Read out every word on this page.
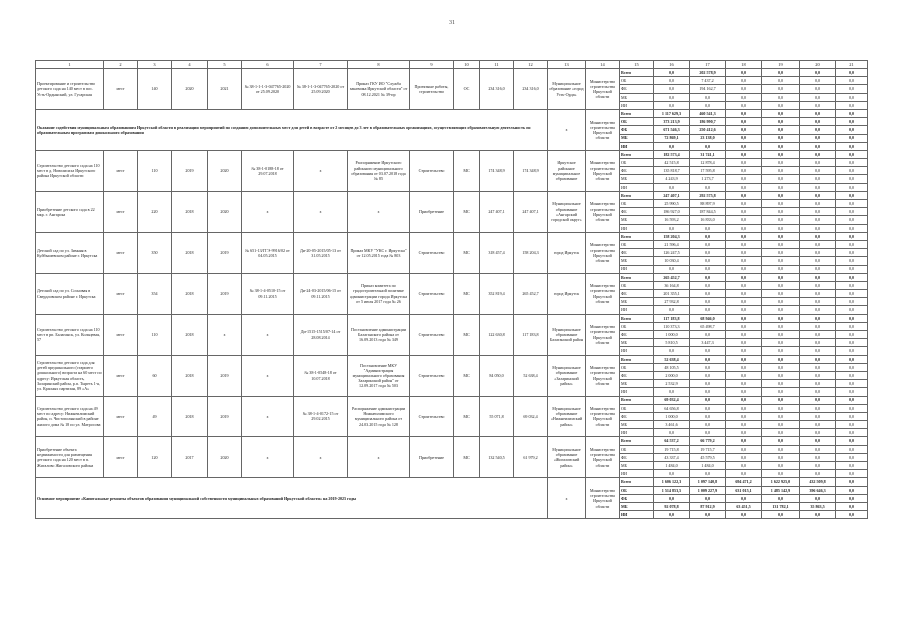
31
1	2	3	4	5	6	7	8	9	10	11	12	13	14	15	16	17	18	19	20	21
Проектирование и строительство детского сада на 140 мест в пос. Усть-Ордынский, ул. Гусарская	мест	140	2020	2021	№ 38-1-1-1-3-047765-2020 от 25.09.2020	№ 38-1-1-3-047765-2020 от 25.09.2020	Приказ ГКУ ИО "Служба заказчика Иркутской области" от 08.12.2021 № 39-пр	Проектные работы, строительство	ОС	234 316,0	234 316,0	Муниципальное образование «город Усть-Орда»	Министерство строительства Иркутской области	Всего	0,0	202 578,9	0,0	0,0	0,0	0,0
														ОБ	0,0	7 437,2	0,0	0,0	0,0	0,0
														ФБ	0,0	194 162,7	0,0	0,0	0,0	0,0
														МБ	0,0	0,0	0,0	0,0	0,0	0,0
														ИИ	0,0	0,0	0,0	0,0	0,0	0,0
Оказание содействия муниципальным образованиям Иркутской области в реализации мероприятий по созданию дополнительных мест для детей в возрасте от 2 месяцев до 3 лет в образовательных организациях, осуществляющих образовательную деятельность по образовательным программам дошкольного образования												х	Министерство строительства Иркутской области	Всего	1 117 629,3	460 541,3	0,0	0,0	0,0	0,0
														ОБ	373 213,9	186 990,7	0,0	0,0	0,0	0,0
														ФБ	671 546,3	250 412,6	0,0	0,0	0,0	0,0
														МБ	72 869,1	23 138,0	0,0	0,0	0,0	0,0
														ИИ	0,0	0,0	0,0	0,0	0,0	0,0
Строительство детского сада на 110 мест в д. Новолисиха Иркутского района Иркутской области	мест	110	2019	2020	№ 38-1-0188-18 от 29.07.2018	х	Распоряжение Иркутского районного муниципального образования от 03.07.2018 года № 85	Строительство	МС	174 348,9	174 348,9	Иркутское районное муниципальное образование	Министерство строительства Иркутской области	Всего	182 573,4	31 741,1	0,0	0,0	0,0	0,0
														ОБ	42 515,8	12 878,4	0,0	0,0	0,0	0,0
														ФБ	135 818,7	17 595,8	0,0	0,0	0,0	0,0
														МБ	4 243,9	1 273,7	0,0	0,0	0,0	0,0
														ИИ	0,0	0,0	0,0	0,0	0,0	0,0
Приобретение детского сада в 22 мкр. г. Ангарска	мест	220	2018	2020	х	х	х	Приобретение	МС	247 407,1	247 407,1	Муниципальное образование «Ангарский городской округ»	Министерство строительства Иркутской области	Всего	247 407,1	292 575,8	0,0	0,0	0,0	0,0
														ОБ	25 990,5	88 897,9	0,0	0,0	0,0	0,0
														ФБ	186 927,0	187 844,5	0,0	0,0	0,0	0,0
														МБ	16 593,2	16 833,0	0,0	0,0	0,0	0,0
														ИИ	0,0	0,0	0,0	0,0	0,0	0,0
Детский сад по ул. Зимняя в Куйбышевском районе г. Иркутска	мест	350	2018	2019	№ 651-13/ГГЭ-9916/02 от 04.05.2015	Ди-20-05-2015/05-13 от 31.05.2015	Приказ МКУ "УКС г. Иркутска" от 12.05.2015 года № 803	Строительство	МС	318 457,4	158 204,3	город Иркутск	Министерство строительства Иркутской области	Всего	158 204,3	0,0	0,0	0,0	0,0	0,0
														ОБ	21 596,4	0,0	0,0	0,0	0,0	0,0
														ФБ	126 247,5	0,0	0,0	0,0	0,0	0,0
														МБ	10 030,4	0,0	0,0	0,0	0,0	0,0
														ИИ	0,0	0,0	0,0	0,0	0,0	0,0
Детский сад по ул. Сосновая в Свердловском районе г. Иркутска	мест	354	2018	2019	№ 38-1-4-0510-15 от 09.11.2015	Ди-24-03-2015/06-15 от 09.11.2015	Приказ комитета по градостроительной политике администрации города Иркутска от 5 июля 2017 года № 26	Строительство	МС	352 819,4	265 452,7	город Иркутск	Министерство строительства Иркутской области	Всего	265 452,7	0,0	0,0	0,0	0,0	0,0
														ОБ	36 164,8	0,0	0,0	0,0	0,0	0,0
														ФБ	201 355,1	0,0	0,0	0,0	0,0	0,0
														МБ	27 932,8	0,0	0,0	0,0	0,0	0,0
														ИИ	0,0	0,0	0,0	0,0	0,0	0,0
Строительство детского сада на 110 мест в рп. Балаганск, ул. Кольцевая, 57	мест	110	2018	х	х	Ди-1515-1515/07-14 от 28.08.2014	Постановление администрации Балаганского района от 16.09.2013 года № 349	Строительство	МС	122 630,8	117 183,8	Муниципальное образование Балаганский район	Министерство строительства Иркутской области	Всего	117 183,8	68 946,0	0,0	0,0	0,0	0,0
														ОБ	110 373,3	65 498,7	0,0	0,0	0,0	0,0
														ФБ	1 000,0	0,0	0,0	0,0	0,0	0,0
														МБ	5 810,5	3 447,3	0,0	0,0	0,0	0,0
														ИИ	0,0	0,0	0,0	0,0	0,0	0,0
Строительство детского сада для детей предшкольного (старшего дошкольного) возраста на 60 мест по адресу: Иркутская область, Заларинский район, р.п. Тыреть 1-я, ул. Красных партизан, 89 «А»	мест	60	2018	2019	х	№ 38-1-0548-18 от 10.07.2018	Постановление МКУ "Администрация муниципального образования Заларинский район" от 12.09.2017 года № 503	Строительство	МС	84 050,0	52 638,4	Муниципальное образование «Заларинский район»	Министерство строительства Иркутской области	Всего	52 638,4	0,0	0,0	0,0	0,0	0,0
														ОБ	48 105,5	0,0	0,0	0,0	0,0	0,0
														ФБ	2 000,0	0,0	0,0	0,0	0,0	0,0
														МБ	2 532,9	0,0	0,0	0,0	0,0	0,0
														ИИ	0,0	0,0	0,0	0,0	0,0	0,0
Строительство детского сада на 49 мест по адресу: Нижнеилимский район, п. Чистополянский в районе жилого дома № 18 по ул. Матросова	мест	49	2018	2019	х	№ 38-1-4-0172-15 от 29.02.2015	Распоряжение администрации Нижнеилимского муниципального района от 24.03.2015 года № 128	Строительство	МС	55 071,8	69 032,4	Муниципальное образование «Нижнеилимский район»	Министерство строительства Иркутской области	Всего	69 032,4	0,0	0,0	0,0	0,0	0,0
														ОБ	64 656,8	0,0	0,0	0,0	0,0	0,0
														ФБ	1 000,0	0,0	0,0	0,0	0,0	0,0
														МБ	3 461,6	0,0	0,0	0,0	0,0	0,0
														ИИ	0,0	0,0	0,0	0,0	0,0	0,0
Приобретение объекта недвижимости для размещения детского сада на 120 мест в п. Жигалово Жигаловского района	мест	120	2017	2020	х	х	х	Приобретение	МС	132 540,5	61 979,2	Муниципальное образование «Жигаловский район»	Министерство строительства Иркутской области	Всего	64 537,2	66 779,2	0,0	0,0	0,0	0,0
														ОБ	19 715,8	19 715,7	0,0	0,0	0,0	0,0
														ФБ	43 337,4	45 579,5	0,0	0,0	0,0	0,0
														МБ	1 484,0	1 484,0	0,0	0,0	0,0	0,0
														ИИ	0,0	0,0	0,0	0,0	0,0	0,0
Основное мероприятие «Капитальные ремонты объектов образования муниципальной собственности муниципальных образований Иркутской области» на 2019-2025 годы												х	Министерство строительства Иркутской области	Всего	1 606 122,3	1 097 140,8	694 471,2	1 622 925,0	432 509,8	0,0
														ОБ	1 514 853,5	1 009 227,9	631 015,1	1 485 142,9	396 646,3	0,0
														ФБ	0,0	0,0	0,0	0,0	0,0	0,0
														МБ	92 078,8	87 912,9	63 451,5	131 782,1	35 863,5	0,0
														ИИ	0,0	0,0	0,0	0,0	0,0	0,0
